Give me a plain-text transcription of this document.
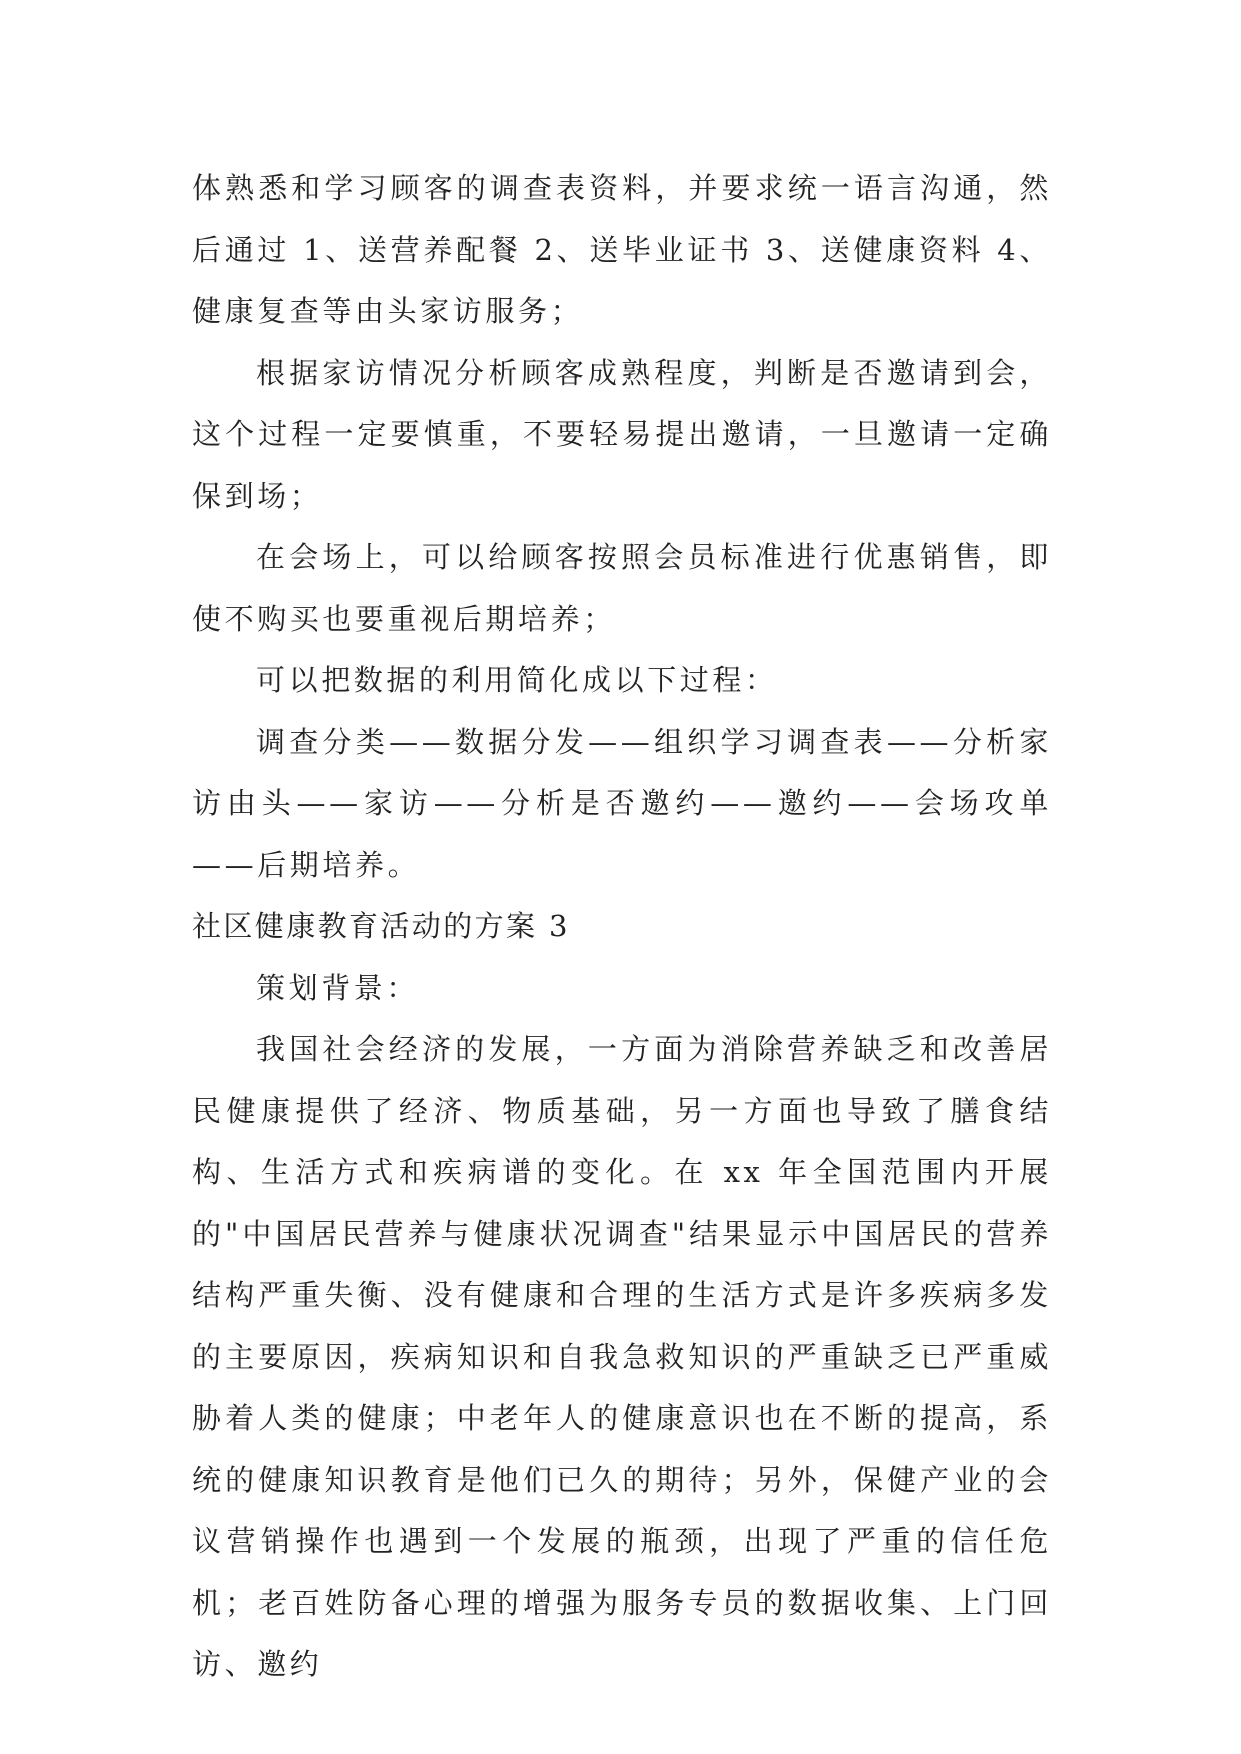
体熟悉和学习顾客的调查表资料，并要求统一语言沟通，然后通过 1、送营养配餐 2、送毕业证书 3、送健康资料 4、健康复查等由头家访服务；

根据家访情况分析顾客成熟程度，判断是否邀请到会，这个过程一定要慎重，不要轻易提出邀请，一旦邀请一定确保到场；

在会场上，可以给顾客按照会员标准进行优惠销售，即使不购买也要重视后期培养；

可以把数据的利用简化成以下过程：

调查分类——数据分发——组织学习调查表——分析家访由头——家访——分析是否邀约——邀约——会场攻单——后期培养。

社区健康教育活动的方案 3

策划背景：

我国社会经济的发展，一方面为消除营养缺乏和改善居民健康提供了经济、物质基础，另一方面也导致了膳食结构、生活方式和疾病谱的变化。在 xx 年全国范围内开展的"中国居民营养与健康状况调查"结果显示中国居民的营养结构严重失衡、没有健康和合理的生活方式是许多疾病多发的主要原因，疾病知识和自我急救知识的严重缺乏已严重威胁着人类的健康；中老年人的健康意识也在不断的提高，系统的健康知识教育是他们已久的期待；另外，保健产业的会议营销操作也遇到一个发展的瓶颈，出现了严重的信任危机；老百姓防备心理的增强为服务专员的数据收集、上门回访、邀约
